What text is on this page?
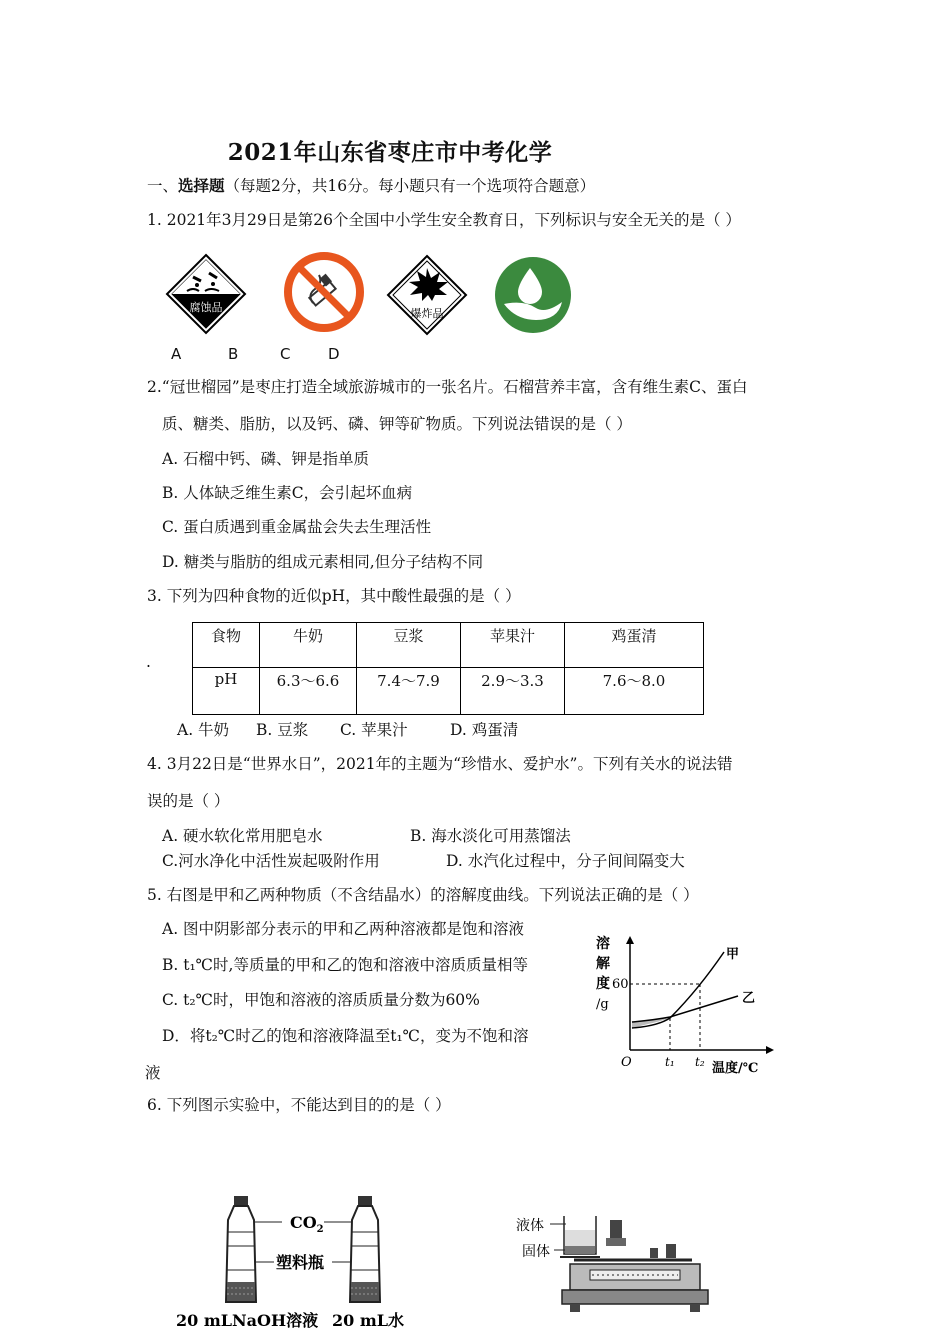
2021年山东省枣庄市中考化学
一、选择题（每题2分，共16分。每小题只有一个选项符合题意）
1. 2021年3月29日是第26个全国中小学生安全教育日，下列标识与安全无关的是（ ）
腐蚀品	爆炸品
A	B	C	D
2.“冠世榴园”是枣庄打造全域旅游城市的一张名片。石榴营养丰富，含有维生素C、蛋白
质、糖类、脂肪，以及钙、磷、钾等矿物质。下列说法错误的是（ ）
A. 石榴中钙、磷、钾是指单质
B. 人体缺乏维生素C，会引起坏血病
C. 蛋白质遇到重金属盐会失去生理活性
D. 糖类与脂肪的组成元素相同,但分子结构不同
3. 下列为四种食物的近似pH，其中酸性最强的是（ ）
.
食物	牛奶	豆浆	苹果汁	鸡蛋清
pH	6.3～6.6	7.4～7.9	2.9～3.3	7.6～8.0
A. 牛奶 B. 豆浆 C. 苹果汁	D. 鸡蛋清
4. 3月22日是“世界水日”，2021年的主题为“珍惜水、爱护水”。下列有关水的说法错
误的是（ ）
A. 硬水软化常用肥皂水	B. 海水淡化可用蒸馏法
C.河水净化中活性炭起吸附作用	D. 水汽化过程中，分子间间隔变大
5. 右图是甲和乙两种物质（不含结晶水）的溶解度曲线。下列说法正确的是（ ）
A. 图中阴影部分表示的甲和乙两种溶液都是饱和溶液
B. t₁℃时,等质量的甲和乙的饱和溶液中溶质质量相等
C. t₂℃时，甲饱和溶液的溶质质量分数为60%
D．将t₂℃时乙的饱和溶液降温至t₁℃，变为不饱和溶
液
溶
解
度 60
/g
甲
乙
O	t₁ t₂ 温度/℃
6. 下列图示实验中，不能达到目的的是（ ）
$CO_2$
塑料瓶
20 mLNaOH溶液 20 mL水
液体
固体
